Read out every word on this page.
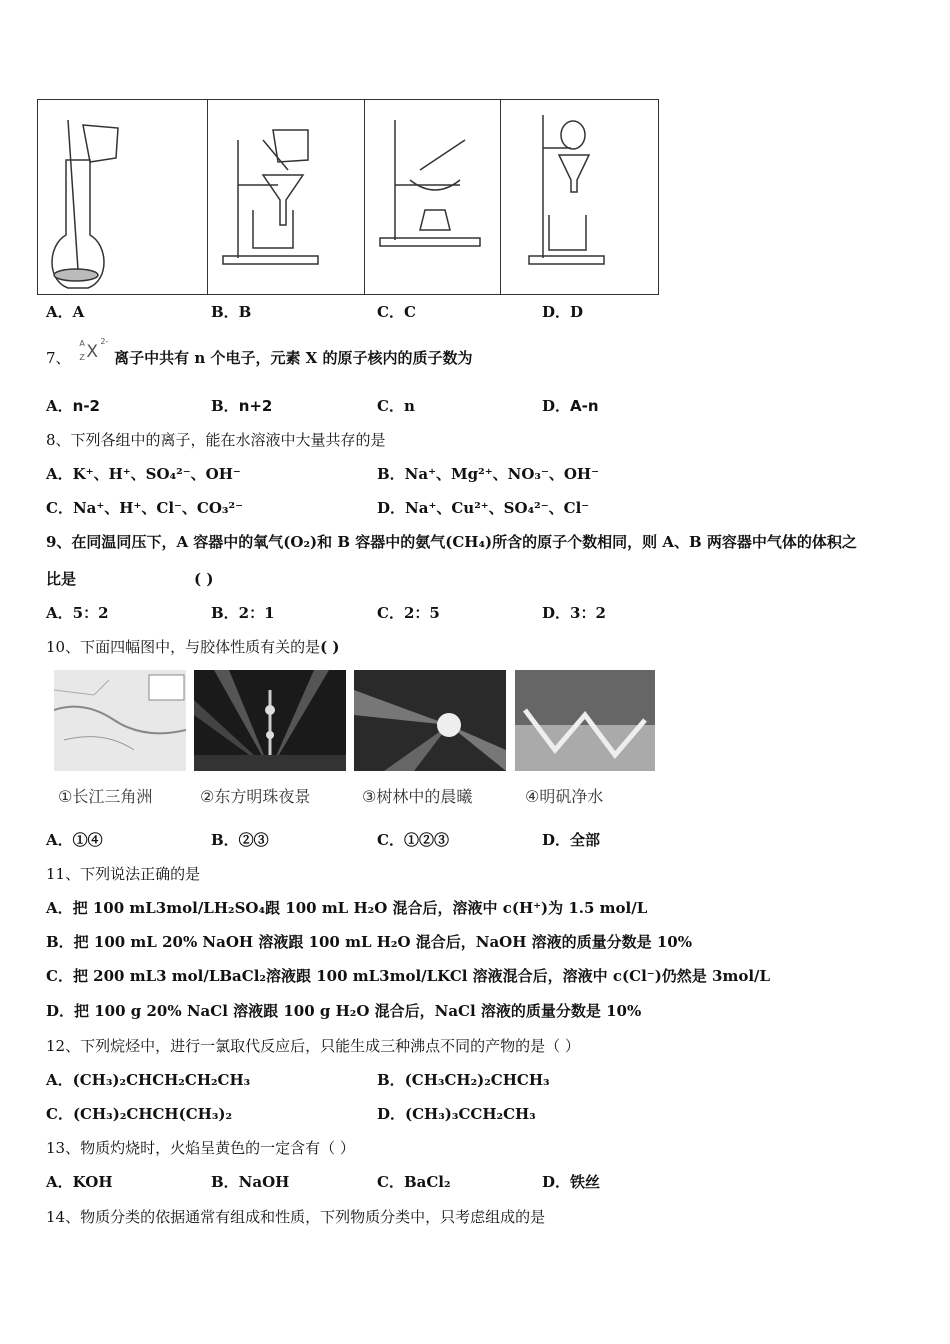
A．A	B．B	C．C	D．D
7、
A
Z X
2-
离子中共有 n 个电子，元素 X 的原子核内的质子数为
A．n-2	B．n+2	C．n	D．A-n
8、下列各组中的离子，能在水溶液中大量共存的是
A．K⁺、H⁺、SO₄²⁻、OH⁻	B．Na⁺、Mg²⁺、NO₃⁻、OH⁻
C．Na⁺、H⁺、Cl⁻、CO₃²⁻	D．Na⁺、Cu²⁺、SO₄²⁻、Cl⁻
9、在同温同压下，A 容器中的氧气(O₂)和 B 容器中的氨气(CH₄)所含的原子个数相同，则 A、B 两容器中气体的体积之
比是	( )
A．5：2	B．2：1	C．2：5	D．3：2
10、下面四幅图中，与胶体性质有关的是( )
①长江三角洲	②东方明珠夜景	③树林中的晨曦	④明矾净水
A．①④	B．②③	C．①②③	D．全部
11、下列说法正确的是
A．把 100 mL3mol/LH₂SO₄跟 100 mL H₂O 混合后，溶液中 c(H⁺)为 1.5 mol/L
B．把 100 mL 20% NaOH 溶液跟 100 mL H₂O 混合后，NaOH 溶液的质量分数是 10%
C．把 200 mL3 mol/LBaCl₂溶液跟 100 mL3mol/LKCl 溶液混合后，溶液中 c(Cl⁻)仍然是 3mol/L
D．把 100 g 20% NaCl 溶液跟 100 g H₂O 混合后，NaCl 溶液的质量分数是 10%
12、下列烷烃中，进行一氯取代反应后，只能生成三种沸点不同的产物的是（ ）
A．(CH₃)₂CHCH₂CH₂CH₃	B．(CH₃CH₂)₂CHCH₃
C．(CH₃)₂CHCH(CH₃)₂	D．(CH₃)₃CCH₂CH₃
13、物质灼烧时，火焰呈黄色的一定含有（ ）
A．KOH	B．NaOH	C．BaCl₂	D．铁丝
14、物质分类的依据通常有组成和性质，下列物质分类中，只考虑组成的是
